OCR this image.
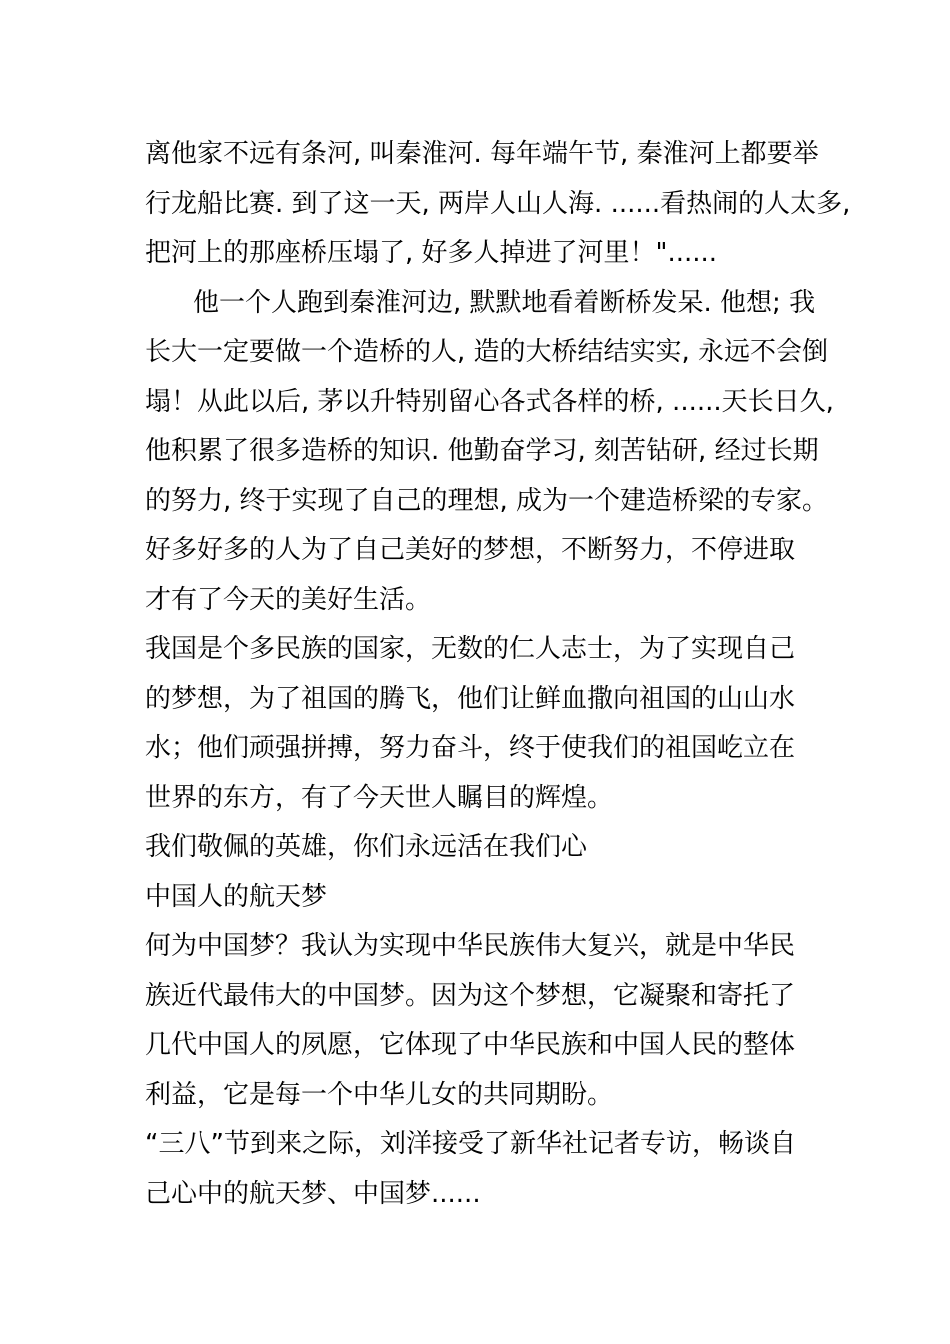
离他家不远有条河, 叫秦淮河. 每年端午节, 秦淮河上都要举
行龙船比赛. 到了这一天, 两岸人山人海. ......看热闹的人太多,
把河上的那座桥压塌了, 好多人掉进了河里！"......
他一个人跑到秦淮河边, 默默地看着断桥发呆. 他想; 我
长大一定要做一个造桥的人, 造的大桥结结实实, 永远不会倒
塌！从此以后, 茅以升特别留心各式各样的桥, ......天长日久,
他积累了很多造桥的知识. 他勤奋学习, 刻苦钻研, 经过长期
的努力, 终于实现了自己的理想, 成为一个建造桥梁的专家。
好多好多的人为了自己美好的梦想，不断努力，不停进取
才有了今天的美好生活。
我国是个多民族的国家，无数的仁人志士，为了实现自己
的梦想，为了祖国的腾飞，他们让鲜血撒向祖国的山山水
水；他们顽强拼搏，努力奋斗，终于使我们的祖国屹立在
世界的东方，有了今天世人瞩目的辉煌。
我们敬佩的英雄，你们永远活在我们心
中国人的航天梦
何为中国梦？我认为实现中华民族伟大复兴，就是中华民
族近代最伟大的中国梦。因为这个梦想，它凝聚和寄托了
几代中国人的夙愿，它体现了中华民族和中国人民的整体
利益，它是每一个中华儿女的共同期盼。
“三八”节到来之际，刘洋接受了新华社记者专访，畅谈自
己心中的航天梦、中国梦......
